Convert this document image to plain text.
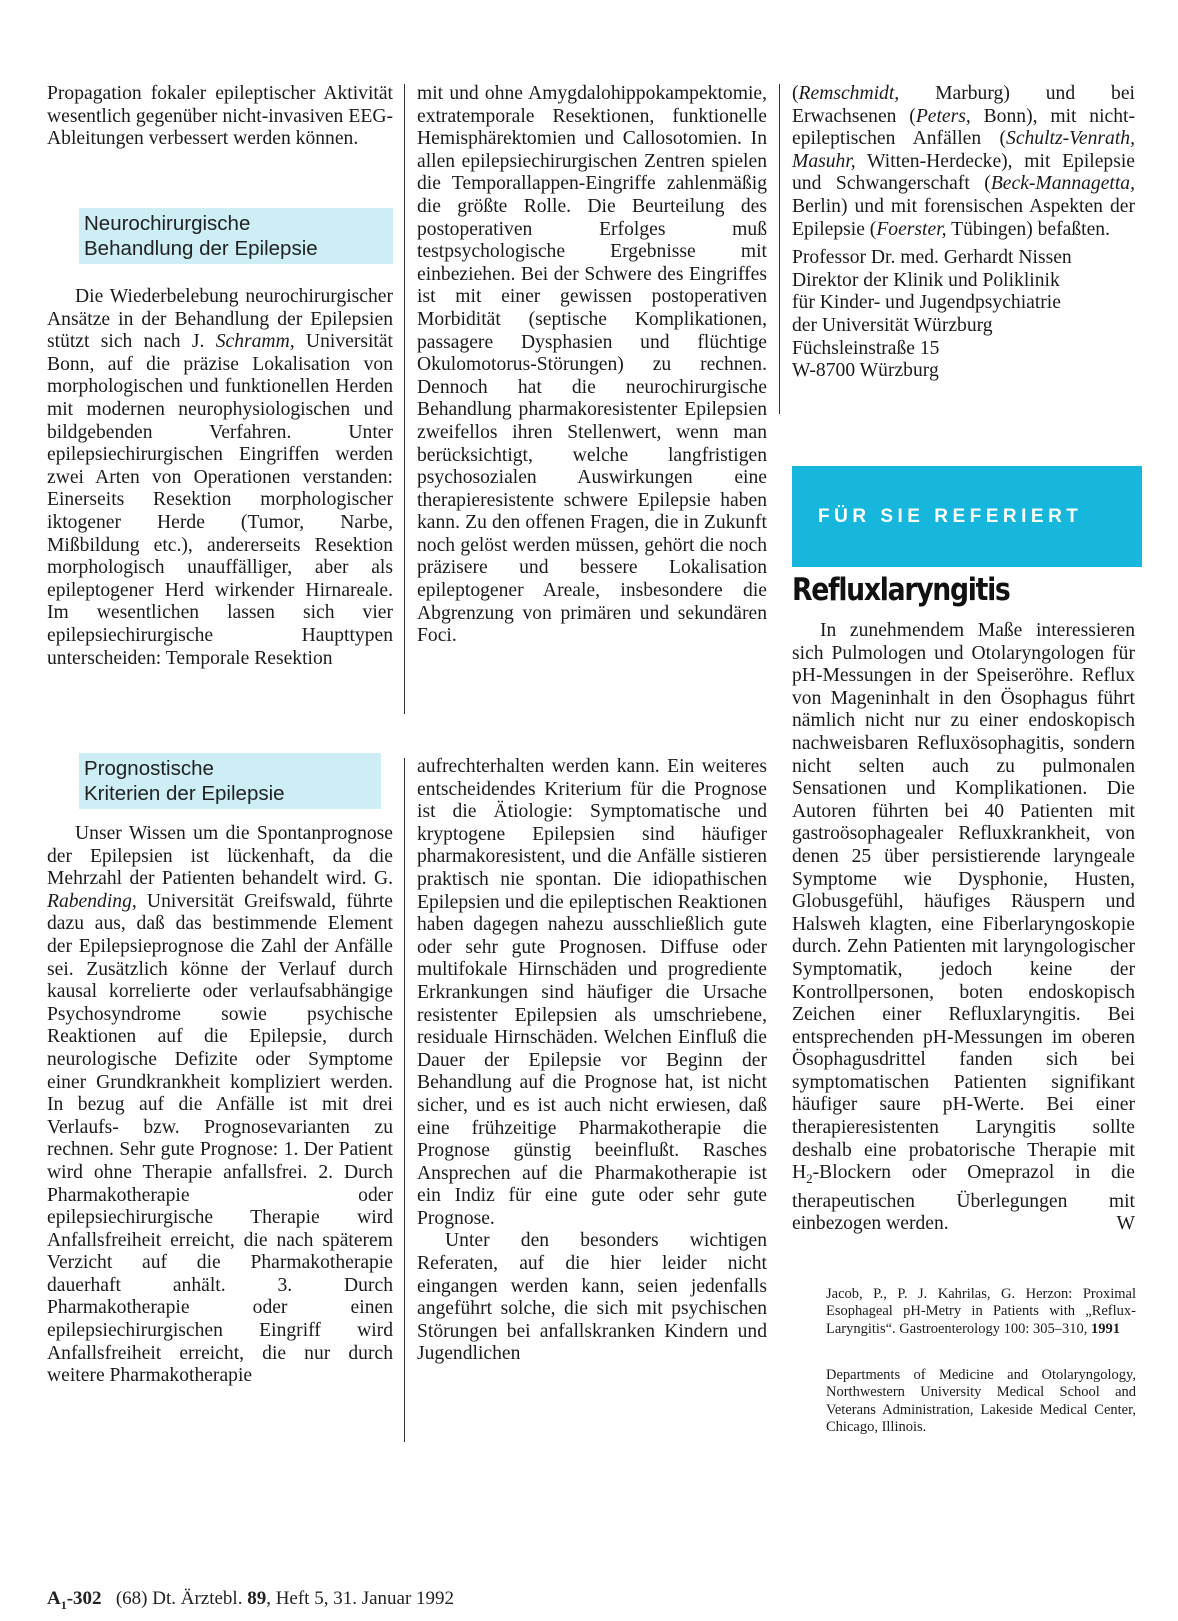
Propagation fokaler epileptischer Aktivität wesentlich gegenüber nicht-invasiven EEG-Ableitungen verbessert werden können.

Neurochirurgische
Behandlung der Epilepsie

Die Wiederbelebung neurochirurgischer Ansätze in der Behandlung der Epilepsien stützt sich nach J. Schramm, Universität Bonn, auf die präzise Lokalisation von morphologischen und funktionellen Herden mit modernen neurophysiologischen und bildgebenden Verfahren. Unter epilepsiechirurgischen Eingriffen werden zwei Arten von Operationen verstanden: Einerseits Resektion morphologischer iktogener Herde (Tumor, Narbe, Mißbildung etc.), andererseits Resektion morphologisch unauffälliger, aber als epileptogener Herd wirkender Hirnareale. Im wesentlichen lassen sich vier epilepsiechirurgische Haupttypen unterscheiden: Temporale Resektion

Prognostische
Kriterien der Epilepsie

Unser Wissen um die Spontanprognose der Epilepsien ist lückenhaft, da die Mehrzahl der Patienten behandelt wird. G. Rabending, Universität Greifswald, führte dazu aus, daß das bestimmende Element der Epilepsieprognose die Zahl der Anfälle sei. Zusätzlich könne der Verlauf durch kausal korrelierte oder verlaufsabhängige Psychosyndrome sowie psychische Reaktionen auf die Epilepsie, durch neurologische Defizite oder Symptome einer Grundkrankheit kompliziert werden. In bezug auf die Anfälle ist mit drei Verlaufs- bzw. Prognosevarianten zu rechnen. Sehr gute Prognose: 1. Der Patient wird ohne Therapie anfallsfrei. 2. Durch Pharmakotherapie oder epilepsiechirurgische Therapie wird Anfallsfreiheit erreicht, die nach späterem Verzicht auf die Pharmakotherapie dauerhaft anhält. 3. Durch Pharmakotherapie oder einen epilepsiechirurgischen Eingriff wird Anfallsfreiheit erreicht, die nur durch weitere Pharmakotherapie

mit und ohne Amygdalohippokampektomie, extratemporale Resektionen, funktionelle Hemisphärektomien und Callosotomien. In allen epilepsiechirurgischen Zentren spielen die Temporallappen-Eingriffe zahlenmäßig die größte Rolle. Die Beurteilung des postoperativen Erfolges muß testpsychologische Ergebnisse mit einbeziehen. Bei der Schwere des Eingriffes ist mit einer gewissen postoperativen Morbidität (septische Komplikationen, passagere Dysphasien und flüchtige Okulomotorus-Störungen) zu rechnen. Dennoch hat die neurochirurgische Behandlung pharmakoresistenter Epilepsien zweifellos ihren Stellenwert, wenn man berücksichtigt, welche langfristigen psychosozialen Auswirkungen eine therapieresistente schwere Epilepsie haben kann. Zu den offenen Fragen, die in Zukunft noch gelöst werden müssen, gehört die noch präzisere und bessere Lokalisation epileptogener Areale, insbesondere die Abgrenzung von primären und sekundären Foci.

aufrechterhalten werden kann. Ein weiteres entscheidendes Kriterium für die Prognose ist die Ätiologie: Symptomatische und kryptogene Epilepsien sind häufiger pharmakoresistent, und die Anfälle sistieren praktisch nie spontan. Die idiopathischen Epilepsien und die epileptischen Reaktionen haben dagegen nahezu ausschließlich gute oder sehr gute Prognosen. Diffuse oder multifokale Hirnschäden und progrediente Erkrankungen sind häufiger die Ursache resistenter Epilepsien als umschriebene, residuale Hirnschäden. Welchen Einfluß die Dauer der Epilepsie vor Beginn der Behandlung auf die Prognose hat, ist nicht sicher, und es ist auch nicht erwiesen, daß eine frühzeitige Pharmakotherapie die Prognose günstig beeinflußt. Rasches Ansprechen auf die Pharmakotherapie ist ein Indiz für eine gute oder sehr gute Prognose.

Unter den besonders wichtigen Referaten, auf die hier leider nicht eingangen werden kann, seien jedenfalls angeführt solche, die sich mit psychischen Störungen bei anfallskranken Kindern und Jugendlichen

(Remschmidt, Marburg) und bei Erwachsenen (Peters, Bonn), mit nicht-epileptischen Anfällen (Schultz-Venrath, Masuhr, Witten-Herdecke), mit Epilepsie und Schwangerschaft (Beck-Mannagetta, Berlin) und mit forensischen Aspekten der Epilepsie (Foerster, Tübingen) befaßten.

Professor Dr. med. Gerhardt Nissen
Direktor der Klinik und Poliklinik
für Kinder- und Jugendpsychiatrie
der Universität Würzburg
Füchsleinstraße 15
W-8700 Würzburg
FÜR SIE REFERIERT
Refluxlaryngitis

In zunehmendem Maße interessieren sich Pulmologen und Otolaryngologen für pH-Messungen in der Speiseröhre. Reflux von Mageninhalt in den Ösophagus führt nämlich nicht nur zu einer endoskopisch nachweisbaren Refluxösophagitis, sondern nicht selten auch zu pulmonalen Sensationen und Komplikationen. Die Autoren führten bei 40 Patienten mit gastroösophagealer Refluxkrankheit, von denen 25 über persistierende laryngeale Symptome wie Dysphonie, Husten, Globusgefühl, häufiges Räuspern und Halsweh klagten, eine Fiberlaryngoskopie durch. Zehn Patienten mit laryngologischer Symptomatik, jedoch keine der Kontrollpersonen, boten endoskopisch Zeichen einer Refluxlaryngitis. Bei entsprechenden pH-Messungen im oberen Ösophagusdrittel fanden sich bei symptomatischen Patienten signifikant häufiger saure pH-Werte. Bei einer therapieresistenten Laryngitis sollte deshalb eine probatorische Therapie mit $H_2$-Blockern oder Omeprazol in die therapeutischen Überlegungen mit einbezogen werden.	W

Jacob, P., P. J. Kahrilas, G. Herzon: Proximal Esophageal pH-Metry in Patients with „Reflux-Laryngitis“. Gastroenterology 100: 305–310, 1991
Departments of Medicine and Otolaryngology, Northwestern University Medical School and Veterans Administration, Lakeside Medical Center, Chicago, Illinois.
$A_1-302$ (68) Dt. Ärztebl. 89, Heft 5, 31. Januar 1992
